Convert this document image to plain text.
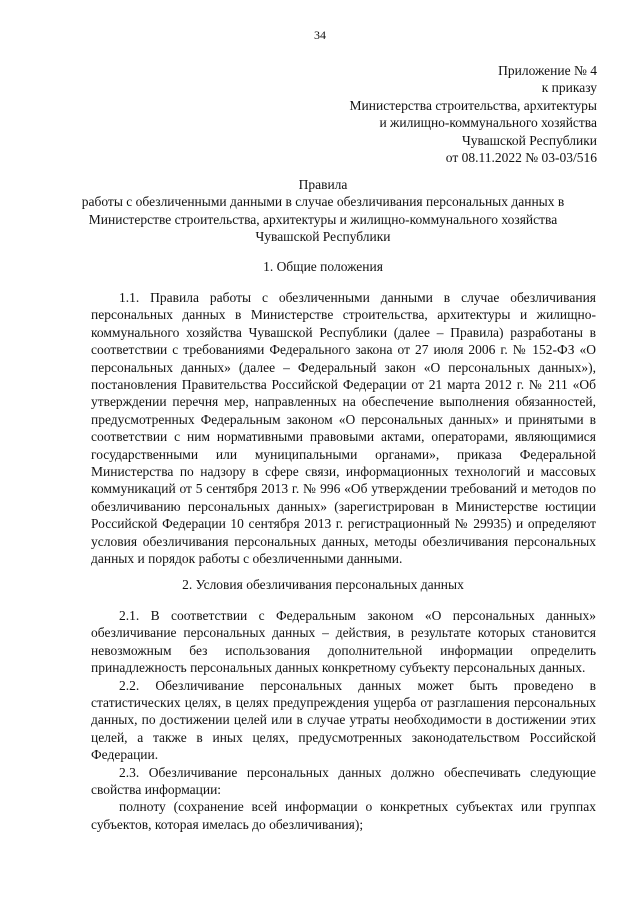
34
Приложение № 4
к приказу
Министерства строительства, архитектуры
и жилищно-коммунального хозяйства
Чувашской Республики
от 08.11.2022 № 03-03/516
Правила
работы с обезличенными данными в случае обезличивания персональных данных в Министерстве строительства, архитектуры и жилищно-коммунального хозяйства Чувашской Республики
1. Общие положения

1.1. Правила работы с обезличенными данными в случае обезличивания персональных данных в Министерстве строительства, архитектуры и жилищно-коммунального хозяйства Чувашской Республики (далее – Правила) разработаны в соответствии с требованиями Федерального закона от 27 июля 2006 г. № 152-ФЗ «О персональных данных» (далее – Федеральный закон «О персональных данных»), постановления Правительства Российской Федерации от 21 марта 2012 г. № 211 «Об утверждении перечня мер, направленных на обеспечение выполнения обязанностей, предусмотренных Федеральным законом «О персональных данных» и принятыми в соответствии с ним нормативными правовыми актами, операторами, являющимися государственными или муниципальными органами», приказа Федеральной Министерства по надзору в сфере связи, информационных технологий и массовых коммуникаций от 5 сентября 2013 г. № 996 «Об утверждении требований и методов по обезличиванию персональных данных» (зарегистрирован в Министерстве юстиции Российской Федерации 10 сентября 2013 г. регистрационный № 29935) и определяют условия обезличивания персональных данных, методы обезличивания персональных данных и порядок работы с обезличенными данными.

2. Условия обезличивания персональных данных

2.1. В соответствии с Федеральным законом «О персональных данных» обезличивание персональных данных – действия, в результате которых становится невозможным без использования дополнительной информации определить принадлежность персональных данных конкретному субъекту персональных данных.

2.2. Обезличивание персональных данных может быть проведено в статистических целях, в целях предупреждения ущерба от разглашения персональных данных, по достижении целей или в случае утраты необходимости в достижении этих целей, а также в иных целях, предусмотренных законодательством Российской Федерации.

2.3. Обезличивание персональных данных должно обеспечивать следующие свойства информации:

полноту (сохранение всей информации о конкретных субъектах или группах субъектов, которая имелась до обезличивания);
